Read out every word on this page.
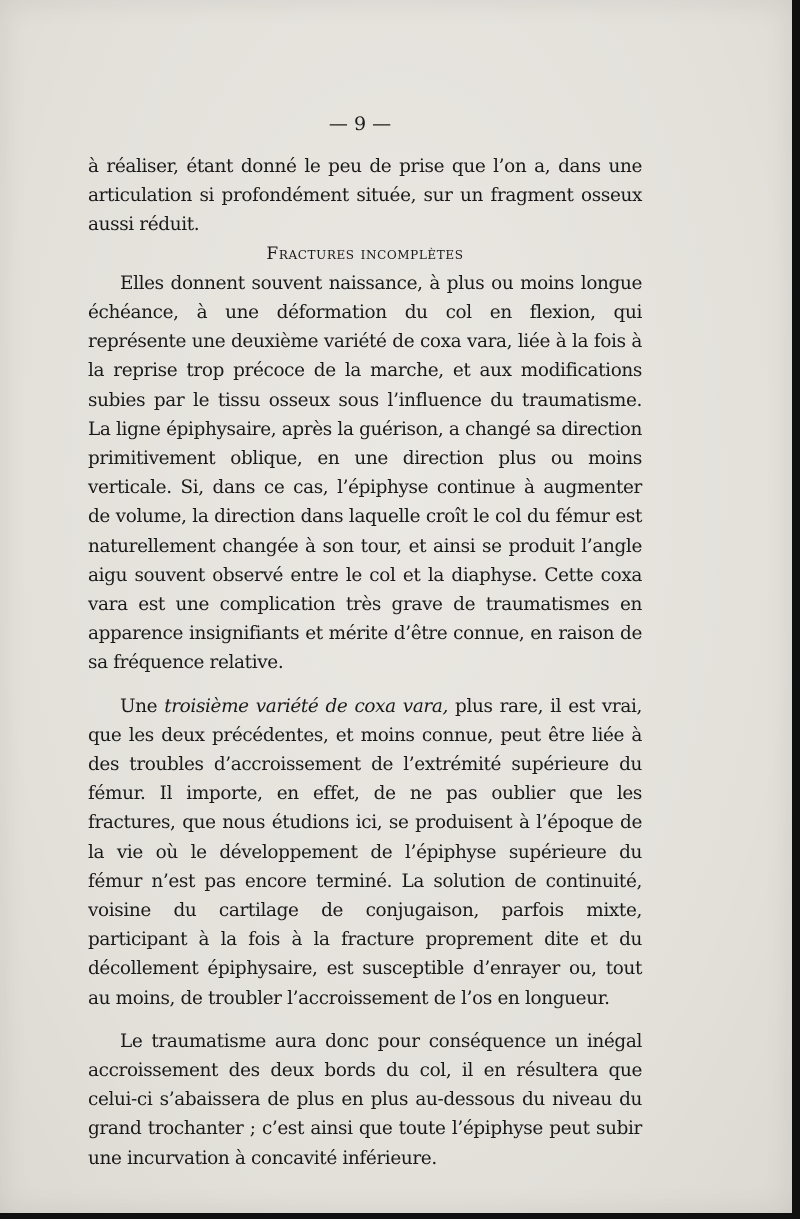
— 9 —

à réaliser, étant donné le peu de prise que l’on a, dans une articulation si profondément située, sur un fragment osseux aussi réduit.

Fractures incomplètes

Elles donnent souvent naissance, à plus ou moins longue échéance, à une déformation du col en flexion, qui représente une deuxième variété de coxa vara, liée à la fois à la reprise trop précoce de la marche, et aux modifications subies par le tissu osseux sous l’influence du traumatisme. La ligne épiphysaire, après la guérison, a changé sa direction primitivement oblique, en une direction plus ou moins verticale. Si, dans ce cas, l’épiphyse continue à augmenter de volume, la direction dans laquelle croît le col du fémur est naturellement changée à son tour, et ainsi se produit l’angle aigu souvent observé entre le col et la diaphyse. Cette coxa vara est une complication très grave de traumatismes en apparence insignifiants et mérite d’être connue, en raison de sa fréquence relative.

Une troisième variété de coxa vara, plus rare, il est vrai, que les deux précédentes, et moins connue, peut être liée à des troubles d’accroissement de l’extrémité supérieure du fémur. Il importe, en effet, de ne pas oublier que les fractures, que nous étudions ici, se produisent à l’époque de la vie où le développement de l’épiphyse supérieure du fémur n’est pas encore terminé. La solution de continuité, voisine du cartilage de conjugaison, parfois mixte, participant à la fois à la fracture proprement dite et du décollement épiphysaire, est susceptible d’enrayer ou, tout au moins, de troubler l’accroissement de l’os en longueur.

Le traumatisme aura donc pour conséquence un inégal accroissement des deux bords du col, il en résultera que celui-ci s’abaissera de plus en plus au-dessous du niveau du grand trochanter ; c’est ainsi que toute l’épiphyse peut subir une incurvation à concavité inférieure.
